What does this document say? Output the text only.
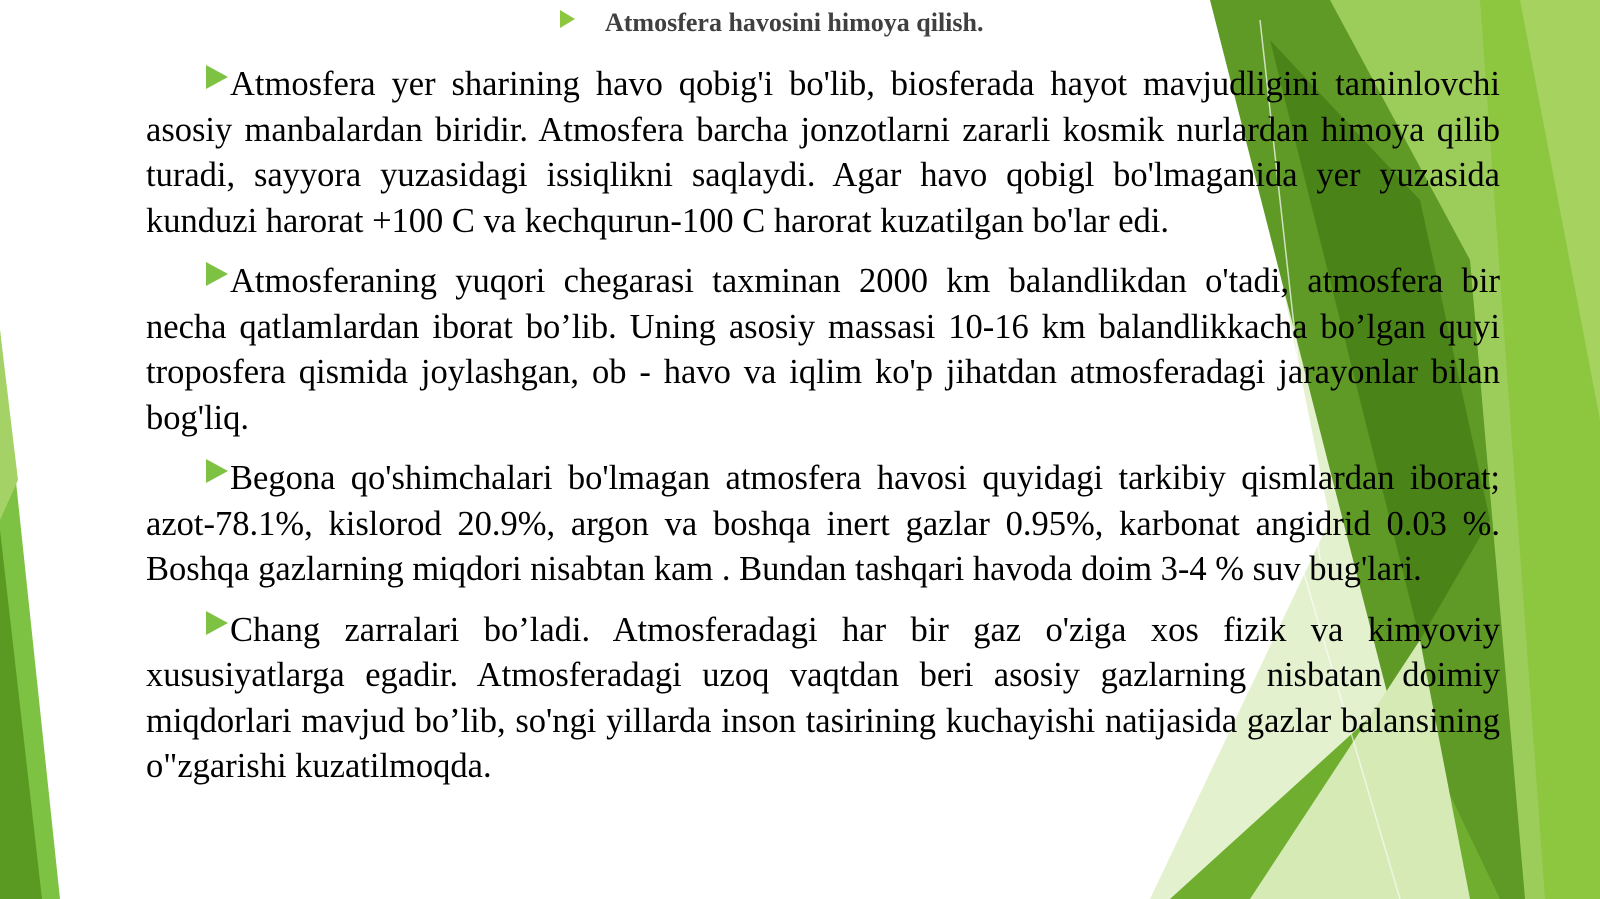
Atmosfera havosini himoya qilish.

Atmosfera yer sharining havo qobig'i bo'lib, biosferada hayot mavjudligini taminlovchi asosiy manbalardan biridir. Atmosfera barcha jonzotlarni zararli kosmik nurlardan himoya qilib turadi, sayyora yuzasidagi issiqlikni saqlaydi. Agar havo qobigl bo'lmaganida yer yuzasida kunduzi harorat +100 C va kechqurun-100 C harorat kuzatilgan bo'lar edi.

Atmosferaning yuqori chegarasi taxminan 2000 km balandlikdan o'tadi, atmosfera bir necha qatlamlardan iborat bo’lib. Uning asosiy massasi 10-16 km balandlikkacha bo’lgan quyi troposfera qismida joylashgan, ob - havo va iqlim ko'p jihatdan atmosferadagi jarayonlar bilan bog'liq.

Begona qo'shimchalari bo'lmagan atmosfera havosi quyidagi tarkibiy qismlardan iborat; azot-78.1%, kislorod 20.9%, argon va boshqa inert gazlar 0.95%, karbonat angidrid 0.03 %. Boshqa gazlarning miqdori nisabtan kam . Bundan tashqari havoda doim 3-4 % suv bug'lari.

Chang zarralari bo’ladi. Atmosferadagi har bir gaz o'ziga xos fizik va kimyoviy xususiyatlarga egadir. Atmosferadagi uzoq vaqtdan beri asosiy gazlarning nisbatan doimiy miqdorlari mavjud bo’lib, so'ngi yillarda inson tasirining kuchayishi natijasida gazlar balansining o"zgarishi kuzatilmoqda.
